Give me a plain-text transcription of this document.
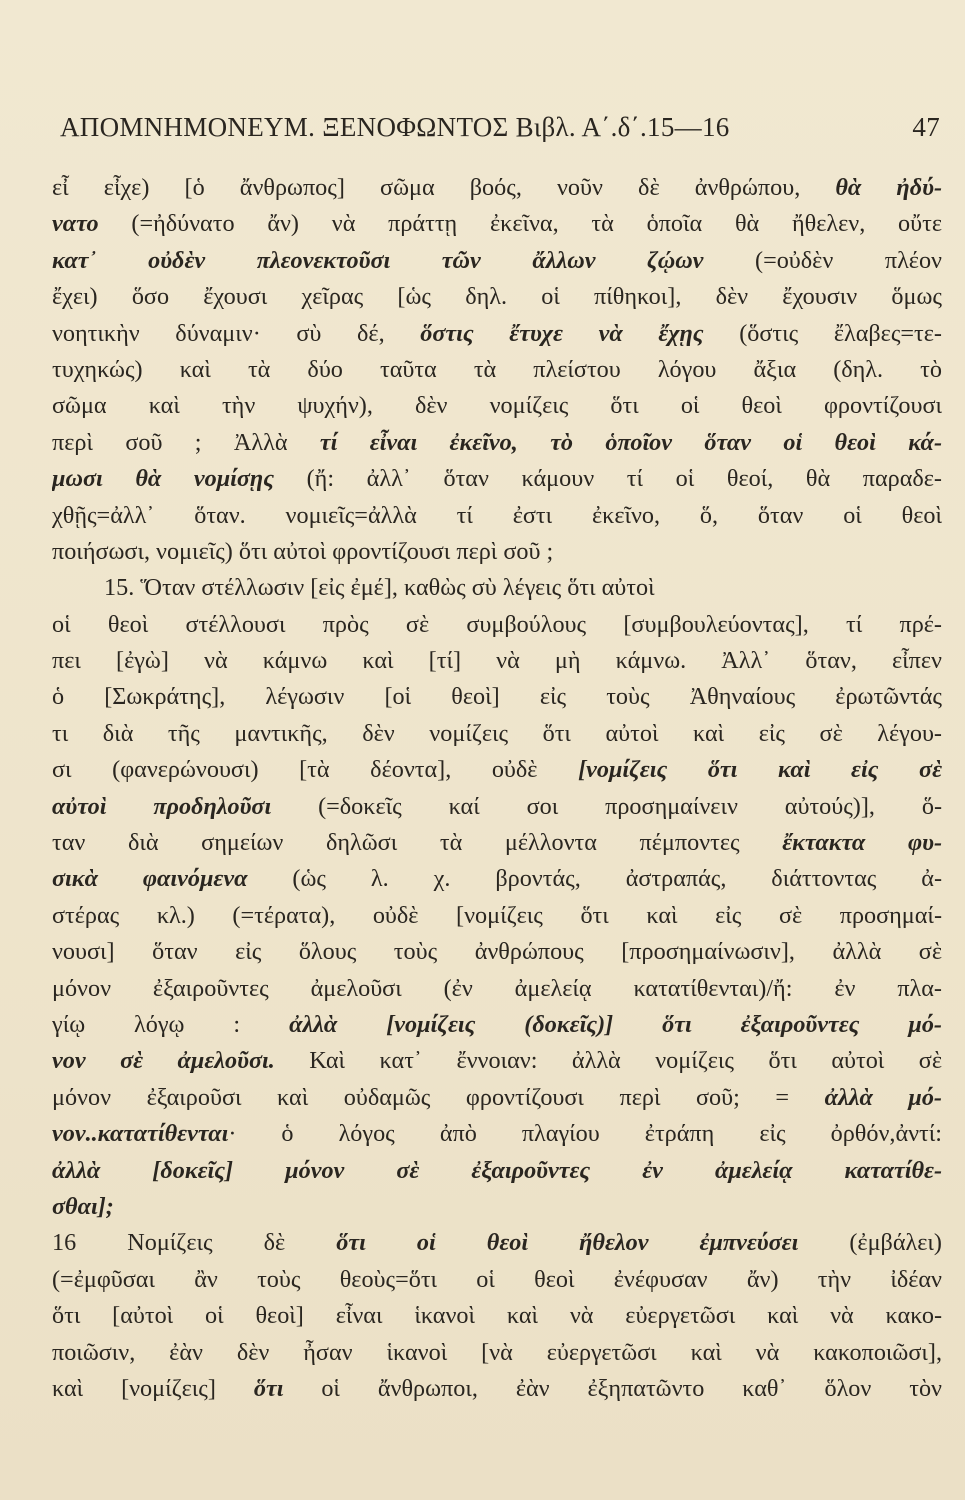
ΑΠΟΜΝΗΜΟΝΕΥΜ. ΞΕΝΟΦΩΝΤΟΣ Βιβλ. Α΄.δ΄.15—16	47
εἶ εἶχε) [ὁ ἄνθρωπος] σῶμα βοός, νοῦν δὲ ἀνθρώπου, θὰ ἠδύ-
νατο (=ἠδύνατο ἄν) νὰ πράττῃ ἐκεῖνα, τὰ ὁποῖα θὰ ἤθελεν, οὔτε
κατ᾽ οὐδὲν πλεονεκτοῦσι τῶν ἄλλων ζῴων (=οὐδὲν πλέον
ἔχει) ὅσο ἔχουσι χεῖρας [ὡς δηλ. οἱ πίθηκοι], δὲν ἔχουσιν ὅμως
νοητικὴν δύναμιν· σὺ δέ, ὅστις ἔτυχε νὰ ἔχῃς (ὅστις ἔλαβες=τε-
τυχηκώς) καὶ τὰ δύο ταῦτα τὰ πλείστου λόγου ἄξια (δηλ. τὸ
σῶμα καὶ τὴν ψυχήν), δὲν νομίζεις ὅτι οἱ θεοὶ φροντίζουσι
περὶ σοῦ ; Ἀλλὰ τί εἶναι ἐκεῖνο, τὸ ὁποῖον ὅταν οἱ θεοὶ κά-
μωσι θὰ νομίσῃς (ἤ: ἀλλ᾽ ὅταν κάμουν τί οἱ θεοί, θὰ παραδε-
χθῇς=ἀλλ᾽ ὅταν. νομιεῖς=ἀλλὰ τί ἐστι ἐκεῖνο, ὅ, ὅταν οἱ θεοὶ
ποιήσωσι, νομιεῖς) ὅτι αὐτοὶ φροντίζουσι περὶ σοῦ ;
15. Ὅταν στέλλωσιν [εἰς ἐμέ], καθὼς σὺ λέγεις ὅτι αὐτοὶ
οἱ θεοὶ στέλλουσι πρὸς σὲ συμβούλους [συμβουλεύοντας], τί πρέ-
πει [ἐγὼ] νὰ κάμνω καὶ [τί] νὰ μὴ κάμνω. Ἀλλ᾽ ὅταν, εἶπεν
ὁ [Σωκράτης], λέγωσιν [οἱ θεοὶ] εἰς τοὺς Ἀθηναίους ἐρωτῶντάς
τι διὰ τῆς μαντικῆς, δὲν νομίζεις ὅτι αὐτοὶ καὶ εἰς σὲ λέγου-
σι (φανερώνουσι) [τὰ δέοντα], οὐδὲ [νομίζεις ὅτι καὶ εἰς σὲ
αὐτοὶ προδηλοῦσι (=δοκεῖς καί σοι προσημαίνειν αὐτούς)], ὅ-
ταν διὰ σημείων δηλῶσι τὰ μέλλοντα πέμποντες ἔκτακτα φυ-
σικὰ φαινόμενα (ὡς λ. χ. βροντάς, ἀστραπάς, διάττοντας ἀ-
στέρας κλ.) (=τέρατα), οὐδὲ [νομίζεις ὅτι καὶ εἰς σὲ προσημαί-
νουσι] ὅταν εἰς ὅλους τοὺς ἀνθρώπους [προσημαίνωσιν], ἀλλὰ σὲ
μόνον ἐξαιροῦντες ἀμελοῦσι (ἐν ἀμελείᾳ κατατίθενται)/ἤ: ἐν πλα-
γίῳ λόγῳ : ἀλλὰ [νομίζεις (δοκεῖς)] ὅτι ἐξαιροῦντες μό-
νον σὲ ἀμελοῦσι. Καὶ κατ᾽ ἔννοιαν: ἀλλὰ νομίζεις ὅτι αὐτοὶ σὲ
μόνον ἐξαιροῦσι καὶ οὐδαμῶς φροντίζουσι περὶ σοῦ; = ἀλλὰ μό-
νον..κατατίθενται· ὁ λόγος ἀπὸ πλαγίου ἐτράπη εἰς ὀρθόν,ἀντί:
ἀλλὰ [δοκεῖς] μόνον σὲ ἐξαιροῦντες ἐν ἀμελείᾳ κατατίθε-
σθαι];
16 Νομίζεις δὲ ὅτι οἱ θεοὶ ἤθελον ἐμπνεύσει (ἐμβάλει)
(=ἐμφῦσαι ἂν τοὺς θεοὺς=ὅτι οἱ θεοὶ ἐνέφυσαν ἄν) τὴν ἰδέαν
ὅτι [αὐτοὶ οἱ θεοὶ] εἶναι ἱκανοὶ καὶ νὰ εὐεργετῶσι καὶ νὰ κακο-
ποιῶσιν, ἐὰν δὲν ἦσαν ἱκανοὶ [νὰ εὐεργετῶσι καὶ νὰ κακοποιῶσι],
καὶ [νομίζεις] ὅτι οἱ ἄνθρωποι, ἐὰν ἐξηπατῶντο καθ᾽ ὅλον τὸν
